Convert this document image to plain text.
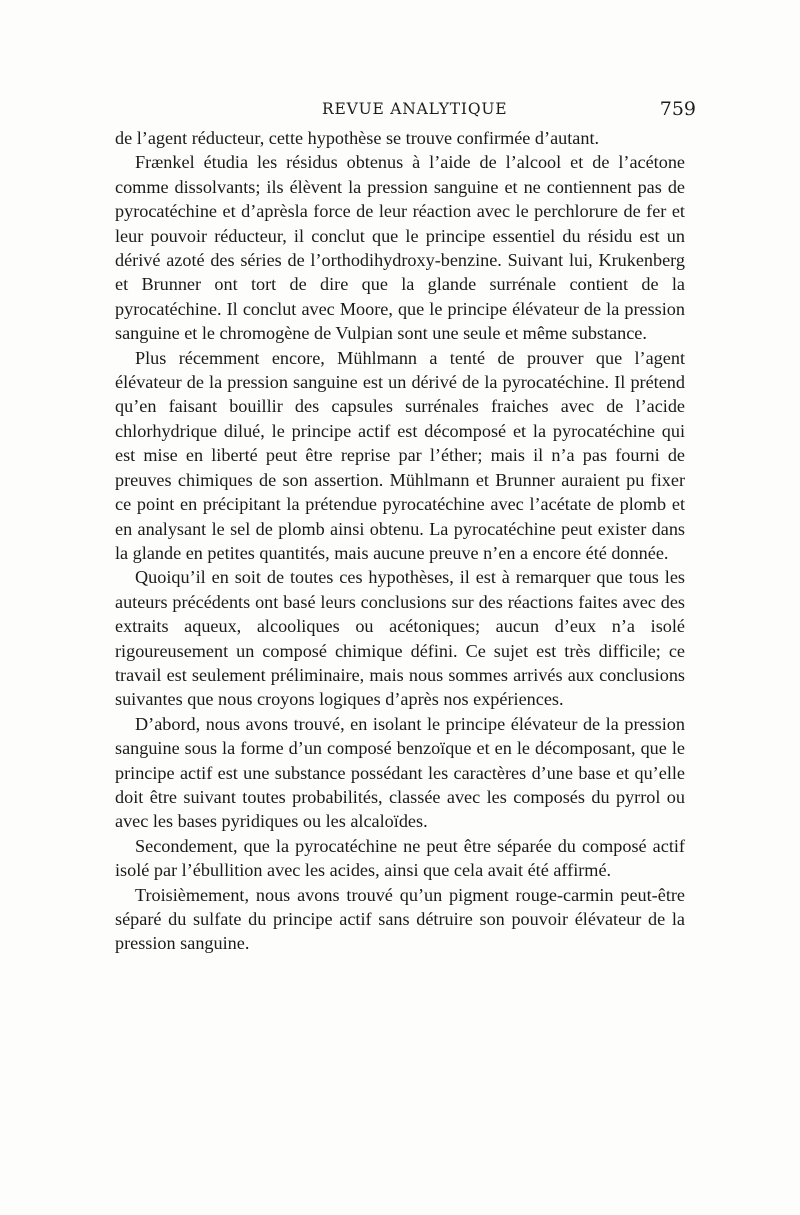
REVUE ANALYTIQUE	759

de l’agent réducteur, cette hypothèse se trouve confirmée d’autant.

Frænkel étudia les résidus obtenus à l’aide de l’alcool et de l’acétone comme dissolvants; ils élèvent la pression sanguine et ne contiennent pas de pyrocatéchine et d’aprèsla force de leur réaction avec le perchlorure de fer et leur pouvoir réducteur, il conclut que le principe essentiel du résidu est un dérivé azoté des séries de l’orthodihydroxy-benzine. Suivant lui, Krukenberg et Brunner ont tort de dire que la glande surrénale contient de la pyrocatéchine. Il conclut avec Moore, que le principe élévateur de la pression sanguine et le chromogène de Vulpian sont une seule et même substance.

Plus récemment encore, Mühlmann a tenté de prouver que l’agent élévateur de la pression sanguine est un dérivé de la pyrocatéchine. Il prétend qu’en faisant bouillir des capsules surrénales fraiches avec de l’acide chlorhydrique dilué, le principe actif est décomposé et la pyrocatéchine qui est mise en liberté peut être reprise par l’éther; mais il n’a pas fourni de preuves chimiques de son assertion. Mühlmann et Brunner auraient pu fixer ce point en précipitant la prétendue pyrocatéchine avec l’acétate de plomb et en analysant le sel de plomb ainsi obtenu. La pyrocatéchine peut exister dans la glande en petites quantités, mais aucune preuve n’en a encore été donnée.

Quoiqu’il en soit de toutes ces hypothèses, il est à remarquer que tous les auteurs précédents ont basé leurs conclusions sur des réactions faites avec des extraits aqueux, alcooliques ou acétoniques; aucun d’eux n’a isolé rigoureusement un composé chimique défini. Ce sujet est très difficile; ce travail est seulement préliminaire, mais nous sommes arrivés aux conclusions suivantes que nous croyons logiques d’après nos expériences.

D’abord, nous avons trouvé, en isolant le principe élévateur de la pression sanguine sous la forme d’un composé benzoïque et en le décomposant, que le principe actif est une substance possédant les caractères d’une base et qu’elle doit être suivant toutes probabilités, classée avec les composés du pyrrol ou avec les bases pyridiques ou les alcaloïdes.

Secondement, que la pyrocatéchine ne peut être séparée du composé actif isolé par l’ébullition avec les acides, ainsi que cela avait été affirmé.

Troisièmement, nous avons trouvé qu’un pigment rouge-carmin peut-être séparé du sulfate du principe actif sans détruire son pouvoir élévateur de la pression sanguine.
